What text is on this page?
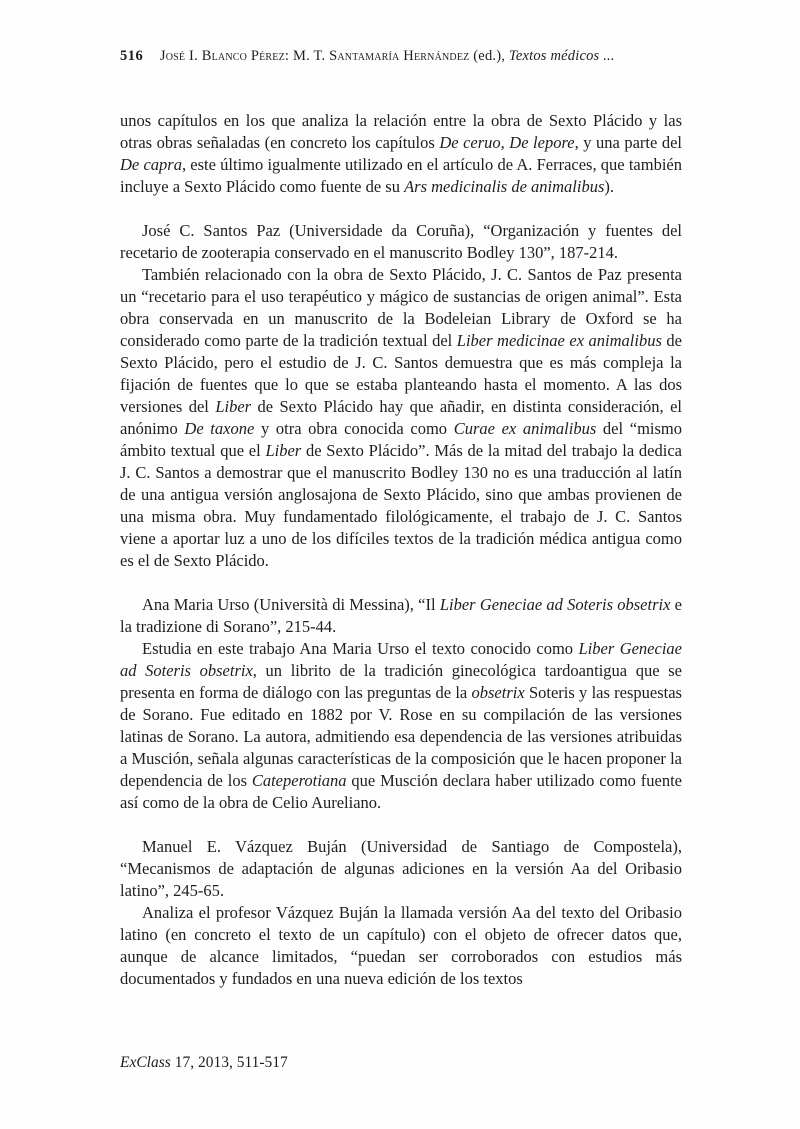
516 José I. Blanco Pérez: M. T. Santamaría Hernández (ed.), Textos médicos ...

unos capítulos en los que analiza la relación entre la obra de Sexto Plácido y las otras obras señaladas (en concreto los capítulos De ceruo, De lepore, y una parte del De capra, este último igualmente utilizado en el artículo de A. Ferraces, que también incluye a Sexto Plácido como fuente de su Ars medicinalis de animalibus).

José C. Santos Paz (Universidade da Coruña), “Organización y fuentes del recetario de zooterapia conservado en el manuscrito Bodley 130”, 187-214.

También relacionado con la obra de Sexto Plácido, J. C. Santos de Paz presenta un “recetario para el uso terapéutico y mágico de sustancias de origen animal”. Esta obra conservada en un manuscrito de la Bodeleian Library de Oxford se ha considerado como parte de la tradición textual del Liber medicinae ex animalibus de Sexto Plácido, pero el estudio de J. C. Santos demuestra que es más compleja la fijación de fuentes que lo que se estaba planteando hasta el momento. A las dos versiones del Liber de Sexto Plácido hay que añadir, en distinta consideración, el anónimo De taxone y otra obra conocida como Curae ex animalibus del “mismo ámbito textual que el Liber de Sexto Plácido”. Más de la mitad del trabajo la dedica J. C. Santos a demostrar que el manuscrito Bodley 130 no es una traducción al latín de una antigua versión anglosajona de Sexto Plácido, sino que ambas provienen de una misma obra. Muy fundamentado filológicamente, el trabajo de J. C. Santos viene a aportar luz a uno de los difíciles textos de la tradición médica antigua como es el de Sexto Plácido.

Ana Maria Urso (Università di Messina), “Il Liber Geneciae ad Soteris obsetrix e la tradizione di Sorano”, 215-44.

Estudia en este trabajo Ana Maria Urso el texto conocido como Liber Geneciae ad Soteris obsetrix, un librito de la tradición ginecológica tardoantigua que se presenta en forma de diálogo con las preguntas de la obsetrix Soteris y las respuestas de Sorano. Fue editado en 1882 por V. Rose en su compilación de las versiones latinas de Sorano. La autora, admitiendo esa dependencia de las versiones atribuidas a Musción, señala algunas características de la composición que le hacen proponer la dependencia de los Cateperotiana que Musción declara haber utilizado como fuente así como de la obra de Celio Aureliano.

Manuel E. Vázquez Buján (Universidad de Santiago de Compostela), “Mecanismos de adaptación de algunas adiciones en la versión Aa del Oribasio latino”, 245-65.

Analiza el profesor Vázquez Buján la llamada versión Aa del texto del Oribasio latino (en concreto el texto de un capítulo) con el objeto de ofrecer datos que, aunque de alcance limitados, “puedan ser corroborados con estudios más documentados y fundados en una nueva edición de los textos

ExClass 17, 2013, 511-517
